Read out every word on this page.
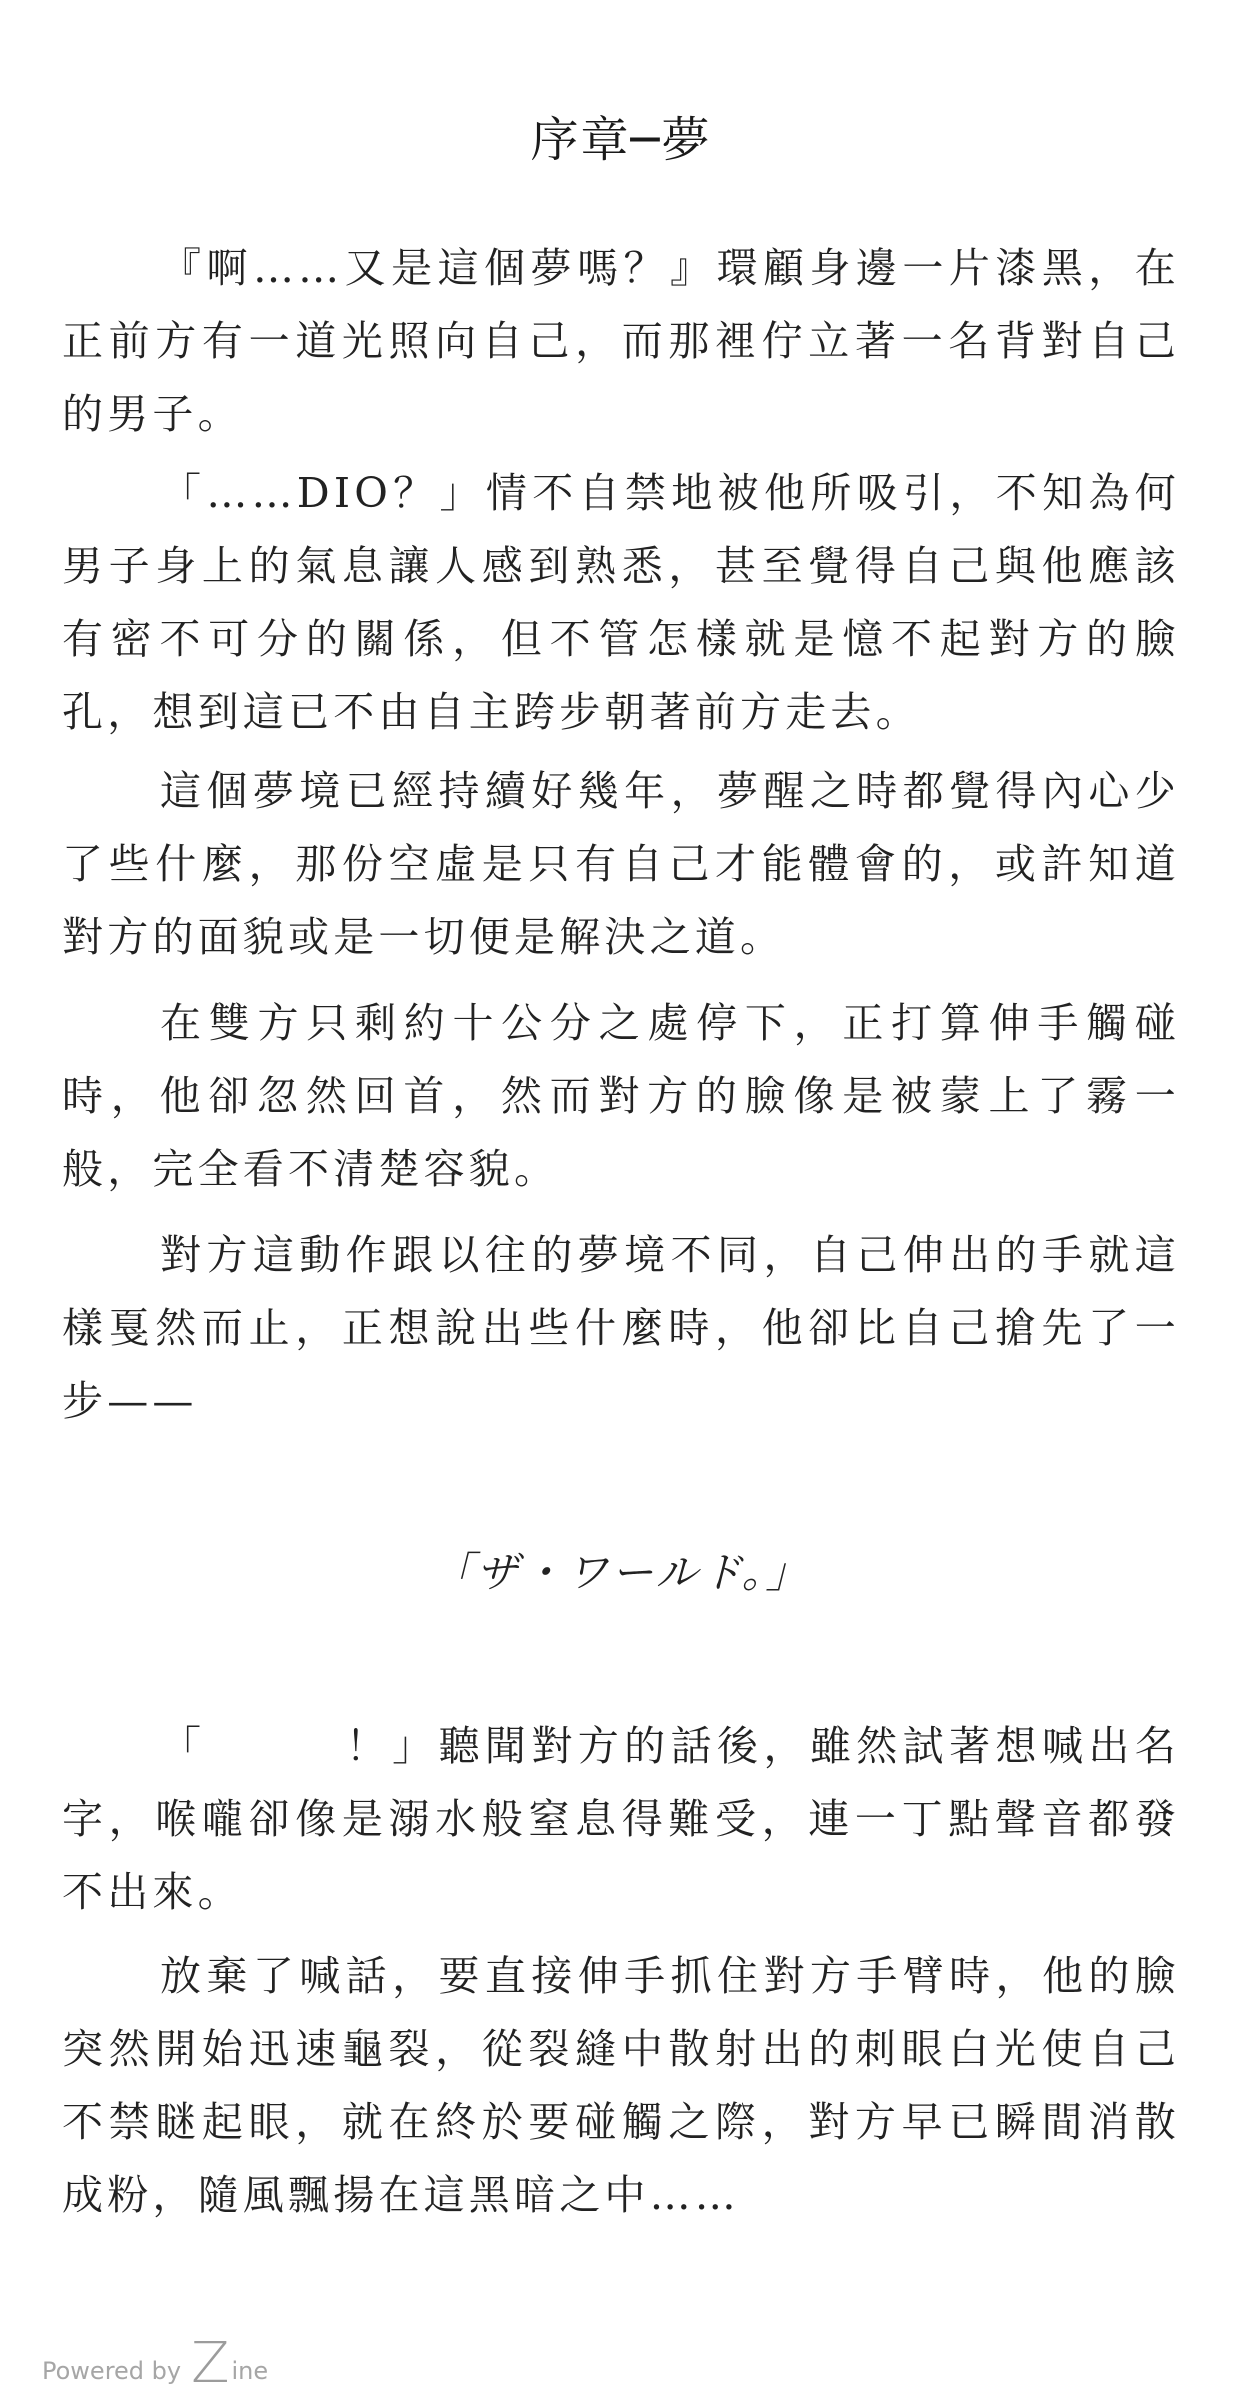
序章─夢

『啊……又是這個夢嗎？』環顧身邊一片漆黑，在正前方有一道光照向自己，而那裡佇立著一名背對自己的男子。

「……DIO？」情不自禁地被他所吸引，不知為何男子身上的氣息讓人感到熟悉，甚至覺得自己與他應該有密不可分的關係，但不管怎樣就是憶不起對方的臉孔，想到這已不由自主跨步朝著前方走去。

這個夢境已經持續好幾年，夢醒之時都覺得內心少了些什麼，那份空虛是只有自己才能體會的，或許知道對方的面貌或是一切便是解決之道。

在雙方只剩約十公分之處停下，正打算伸手觸碰時，他卻忽然回首，然而對方的臉像是被蒙上了霧一般，完全看不清楚容貌。

對方這動作跟以往的夢境不同，自己伸出的手就這樣戛然而止，正想說出些什麼時，他卻比自己搶先了一步——

「ザ・ワールド。」

「　　　！」聽聞對方的話後，雖然試著想喊出名字，喉嚨卻像是溺水般窒息得難受，連一丁點聲音都發不出來。

放棄了喊話，要直接伸手抓住對方手臂時，他的臉突然開始迅速龜裂，從裂縫中散射出的刺眼白光使自己不禁瞇起眼，就在終於要碰觸之際，對方早已瞬間消散成粉，隨風飄揚在這黑暗之中……

Powered by Z ine
